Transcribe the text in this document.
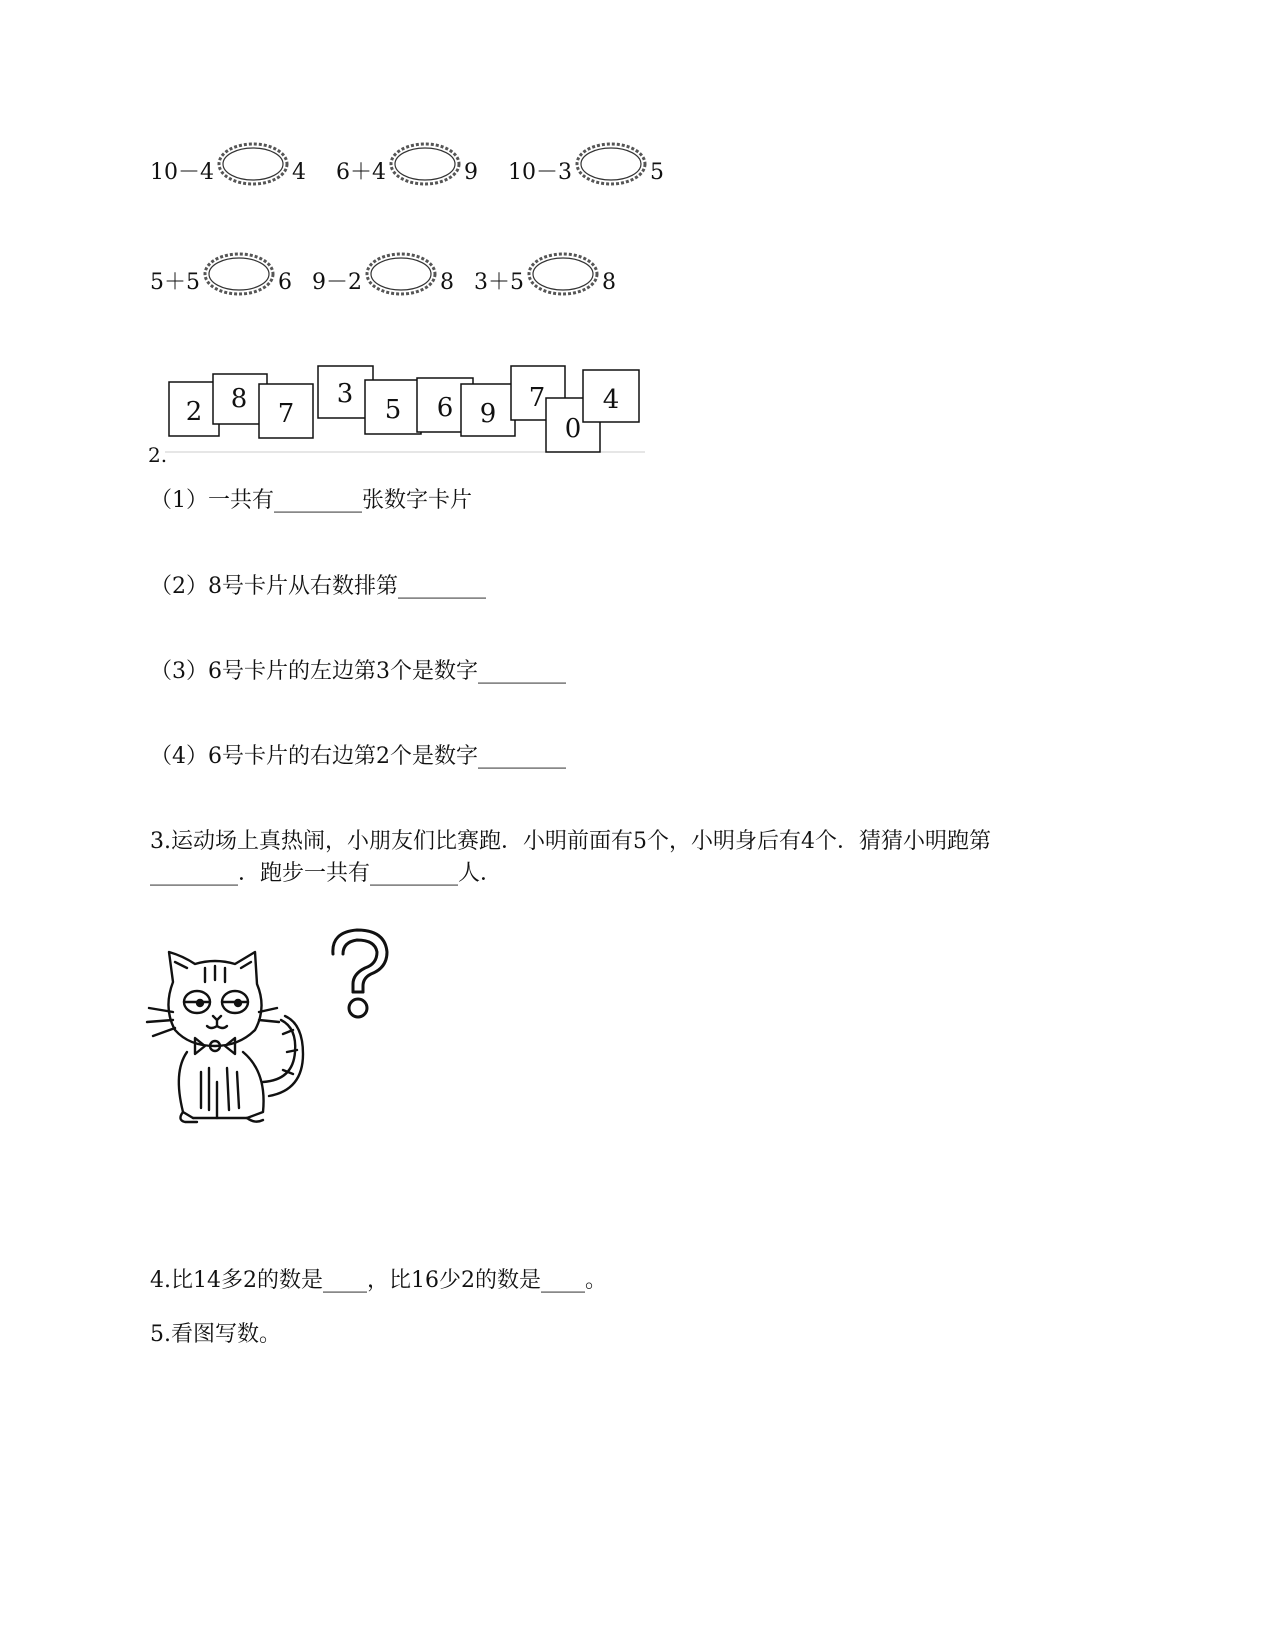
10－4	4 6＋4	9 10－3	5
5＋5	6 9－2	8 3＋5	8
2.
2 8 7
3
5 6 9
7
0
4
（1）一共有________张数字卡片
（2）8号卡片从右数排第________
（3）6号卡片的左边第3个是数字________
（4）6号卡片的右边第2个是数字________
3.运动场上真热闹，小朋友们比赛跑．小明前面有5个，小明身后有4个．猜猜小明跑第
________．跑步一共有________人．
4.比14多2的数是____，比16少2的数是____。
5.看图写数。
